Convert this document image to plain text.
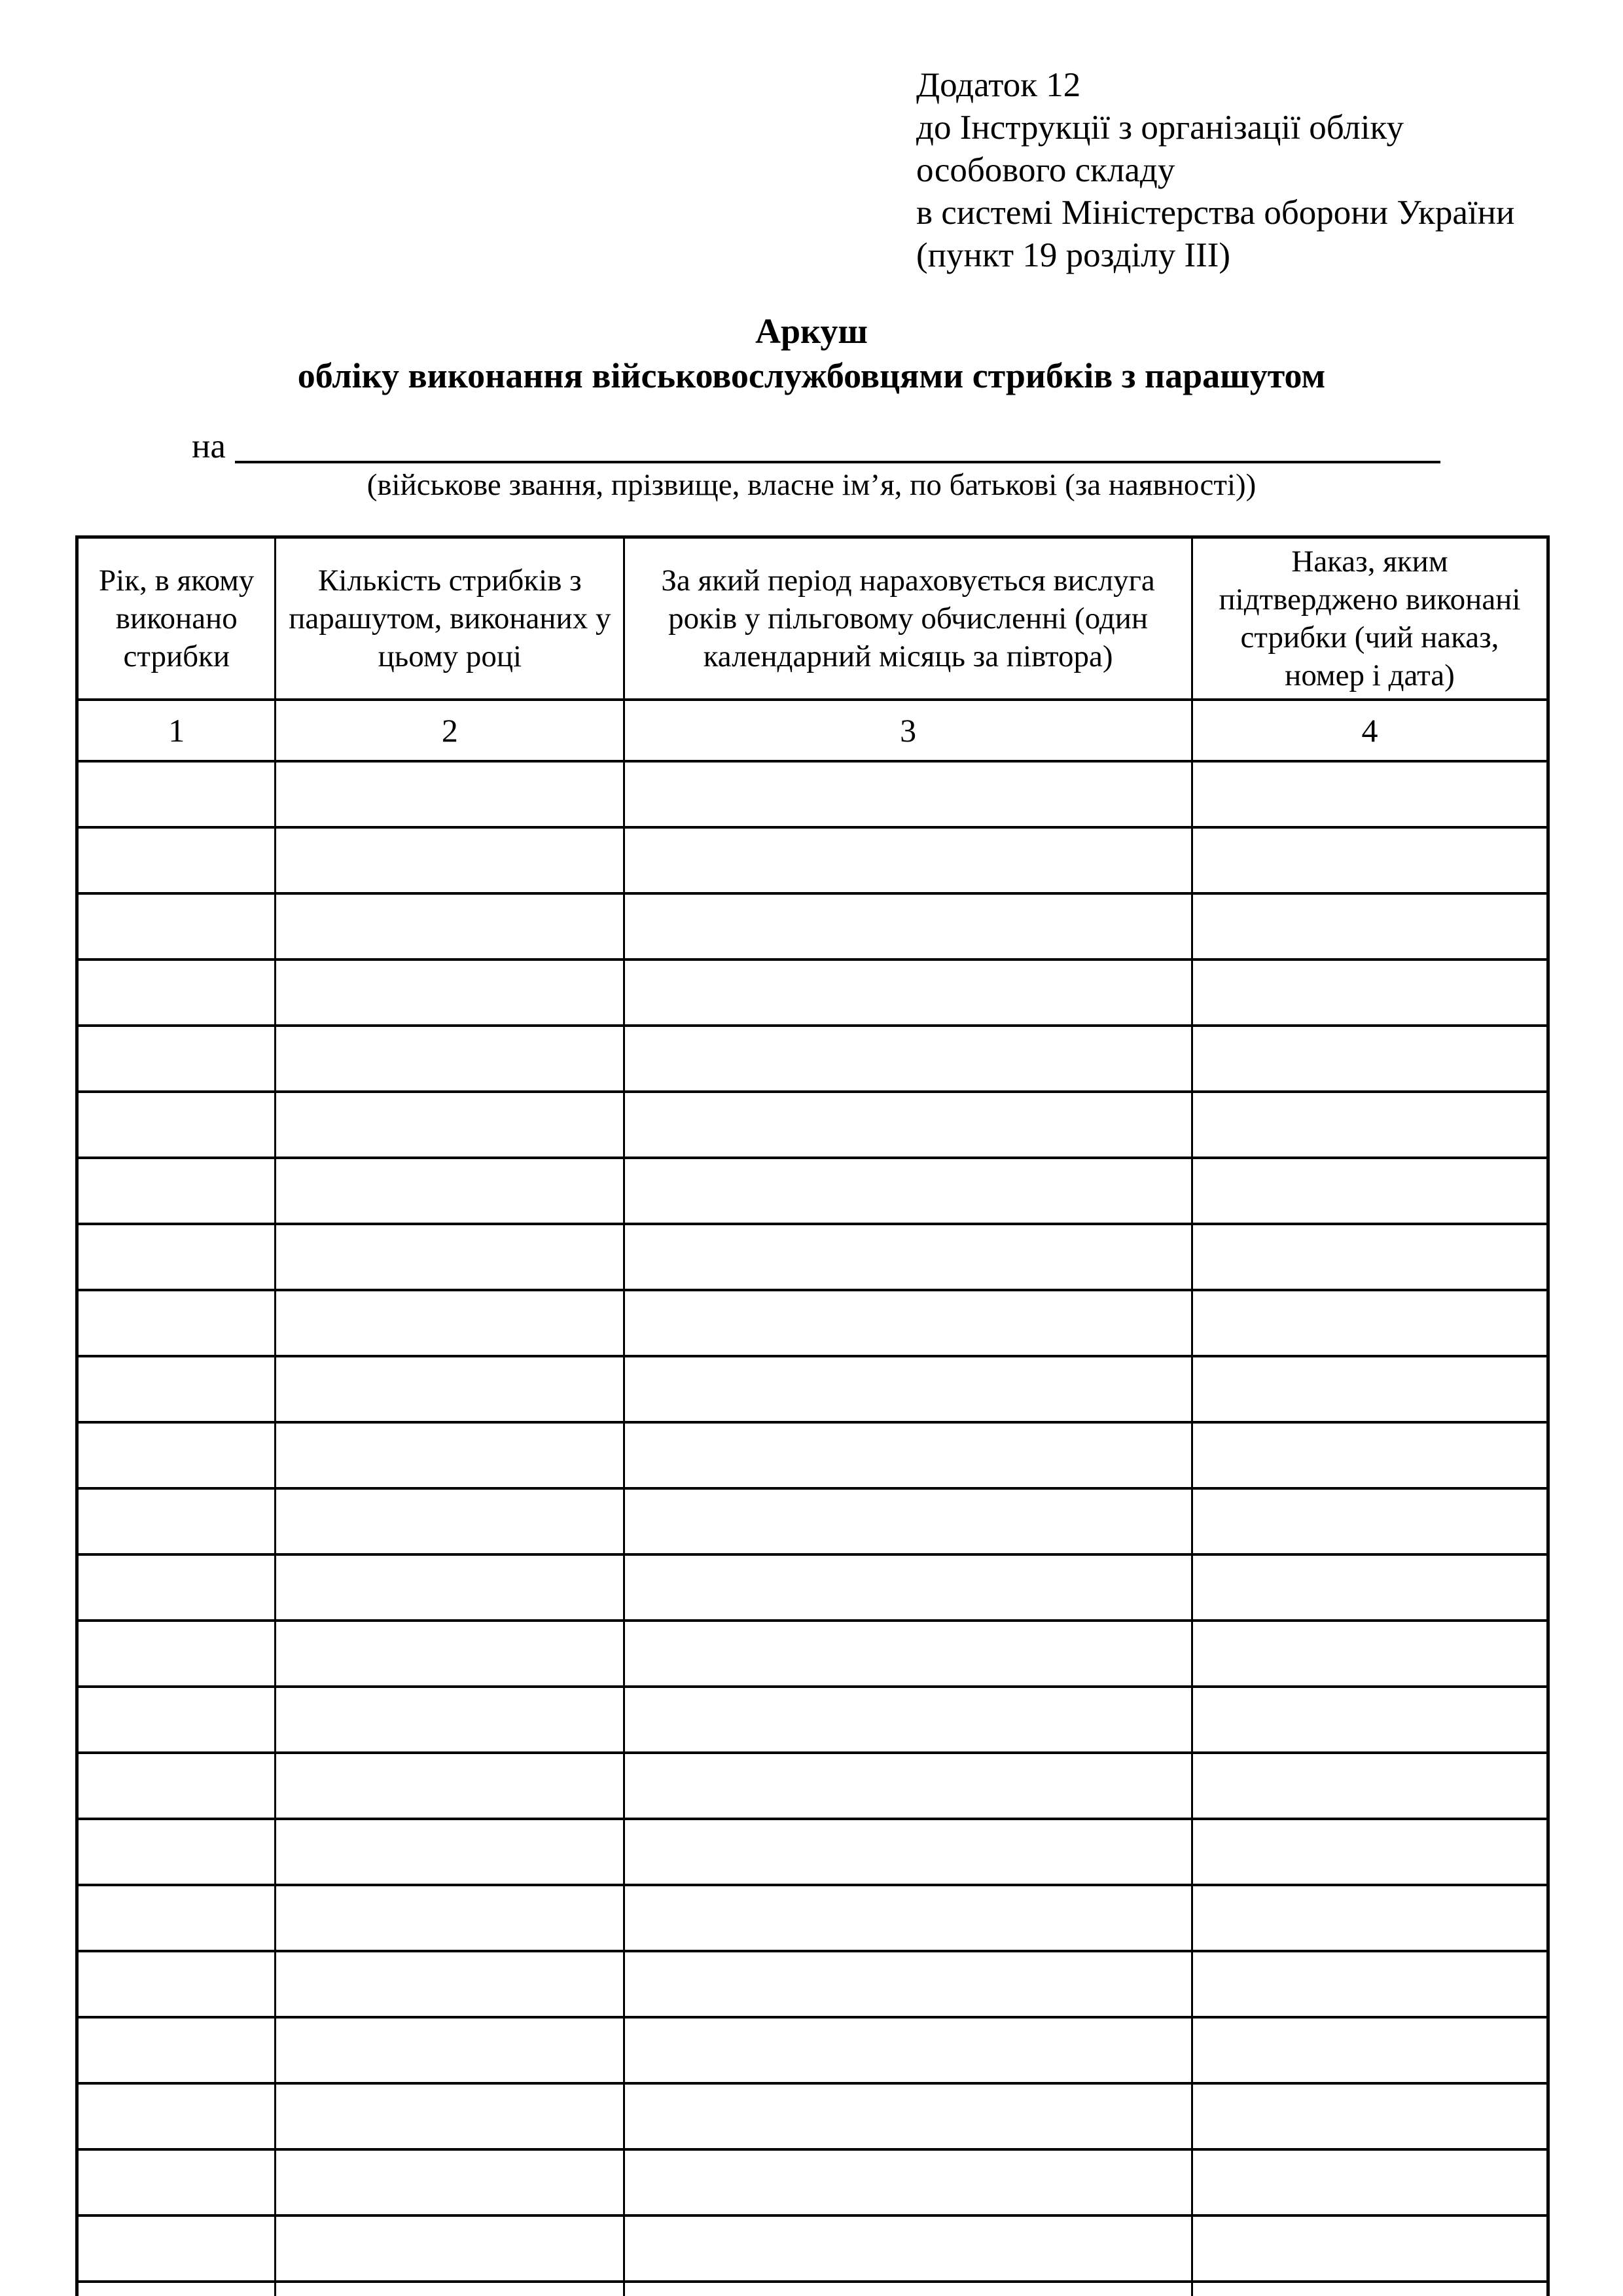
Додаток 12
до Інструкції з організації обліку
особового складу
в системі Міністерства оборони України
(пункт 19 розділу III)
Аркуш
обліку виконання військовослужбовцями стрибків з парашутом
на
(військове звання, прізвище, власне ім’я, по батькові (за наявності))
Рік, в якому виконано стрибки	Кількість стрибків з парашутом, виконаних у цьому році	За який період нараховується вислуга років у пільговому обчисленні (один календарний місяць за півтора)	Наказ, яким підтверджено виконані стрибки (чий наказ, номер і дата)
1	2	3	4
